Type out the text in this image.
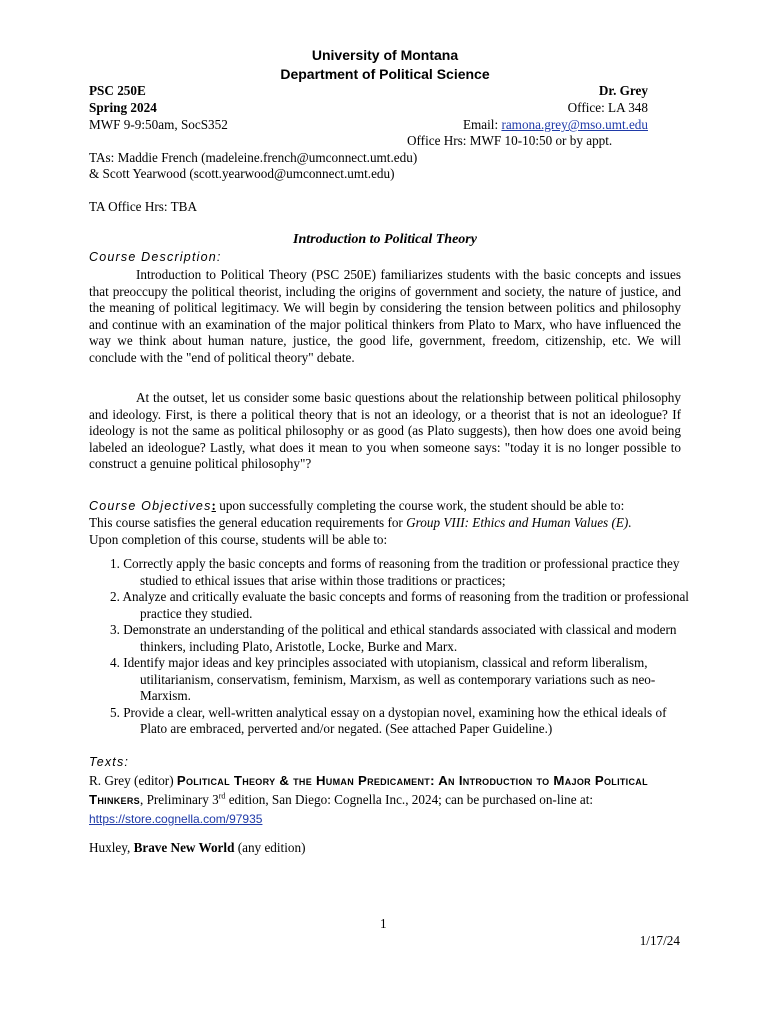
University of Montana
Department of Political Science
PSC 250E
Spring 2024
MWF 9-9:50am, SocS352
Dr. Grey
Office: LA 348
Email: ramona.grey@mso.umt.edu
Office Hrs: MWF 10-10:50 or by appt.
TAs: Maddie French (madeleine.french@umconnect.umt.edu)
& Scott Yearwood (scott.yearwood@umconnect.umt.edu)
TA Office Hrs: TBA
Introduction to Political Theory
Course Description:
Introduction to Political Theory (PSC 250E) familiarizes students with the basic concepts and issues that preoccupy the political theorist, including the origins of government and society, the nature of justice, and the meaning of political legitimacy. We will begin by considering the tension between politics and philosophy and continue with an examination of the major political thinkers from Plato to Marx, who have influenced the way we think about human nature, justice, the good life, government, freedom, citizenship, etc. We will conclude with the "end of political theory" debate.
At the outset, let us consider some basic questions about the relationship between political philosophy and ideology. First, is there a political theory that is not an ideology, or a theorist that is not an ideologue? If ideology is not the same as political philosophy or as good (as Plato suggests), then how does one avoid being labeled an ideologue? Lastly, what does it mean to you when someone says: "today it is no longer possible to construct a genuine political philosophy"?
Course Objectives: upon successfully completing the course work, the student should be able to:
This course satisfies the general education requirements for Group VIII: Ethics and Human Values (E).
Upon completion of this course, students will be able to:
1. Correctly apply the basic concepts and forms of reasoning from the tradition or professional practice they studied to ethical issues that arise within those traditions or practices;
2. Analyze and critically evaluate the basic concepts and forms of reasoning from the tradition or professional practice they studied.
3. Demonstrate an understanding of the political and ethical standards associated with classical and modern thinkers, including Plato, Aristotle, Locke, Burke and Marx.
4. Identify major ideas and key principles associated with utopianism, classical and reform liberalism, utilitarianism, conservatism, feminism, Marxism, as well as contemporary variations such as neo-Marxism.
5. Provide a clear, well-written analytical essay on a dystopian novel, examining how the ethical ideals of Plato are embraced, perverted and/or negated. (See attached Paper Guideline.)
Texts:
R. Grey (editor) Political Theory & the Human Predicament: An Introduction to Major Political Thinkers, Preliminary 3rd edition, San Diego: Cognella Inc., 2024; can be purchased on-line at: https://store.cognella.com/97935
Huxley, Brave New World (any edition)
1
1/17/24
